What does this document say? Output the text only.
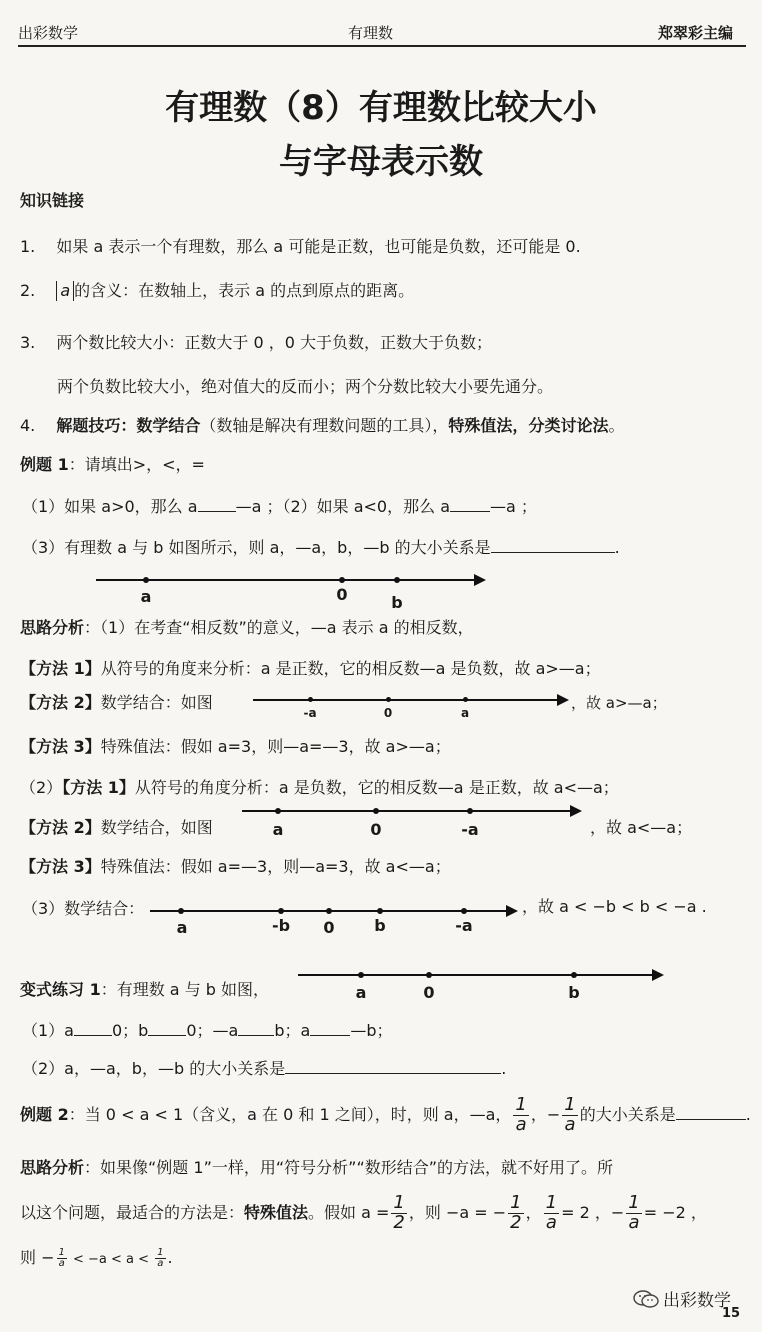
出彩数学	有理数	郑翠彩主编
有理数（8）有理数比较大小
与字母表示数
知识链接
1. 如果 a 表示一个有理数，那么 a 可能是正数，也可能是负数，还可能是 0.
2. a 的含义：在数轴上，表示 a 的点到原点的距离。
3. 两个数比较大小：正数大于 0 ，0 大于负数，正数大于负数；
两个负数比较大小，绝对值大的反而小；两个分数比较大小要先通分。
4. 解题技巧：数学结合（数轴是解决有理数问题的工具），特殊值法，分类讨论法。
例题 1：请填出>，<，=
（1）如果 a>0，那么 a —a ；（2）如果 a<0，那么 a	—a ；
（3）有理数 a 与 b 如图所示，则 a，—a，b，—b 的大小关系是	.
a	0	b
思路分析：（1）在考查“相反数”的意义，—a 表示 a 的相反数，
【方法 1】从符号的角度来分析：a 是正数，它的相反数—a 是负数，故 a>—a；
【方法 2】数学结合：如图
-a	0	a
，故 a>—a；
【方法 3】特殊值法：假如 a=3，则—a=—3，故 a>—a；
（2）【方法 1】从符号的角度分析：a 是负数，它的相反数—a 是正数，故 a<—a；
【方法 2】数学结合，如图	a	0	-a	，故 a<—a；
【方法 3】特殊值法：假如 a=—3，则—a=3，故 a<—a；
（3）数学结合：
a	-b 0 b	-a
，故 a < −b < b < −a .
变式练习 1：有理数 a 与 b 如图，	a	0	b
（1）a 0；b 0；—a b；a	—b；
（2）a，—a，b，—b 的大小关系是	.
例题 2：当 0 < a < 1（含义，a 在 0 和 1 之间），时，则 a，—a， $\frac{1}{a}$ ，− $\frac{1}{a}$ 的大小关系是	.
思路分析：如果像“例题 1”一样，用“符号分析”“数形结合”的方法，就不好用了。所
以这个问题，最适合的方法是：特殊值法。假如 $a = \frac{1}{2}$ ，则 −a = − $\frac{1}{2}$ ， $\frac{1}{a} = 2$ ，− $\frac{1}{a} = -2$ ，
则 − $\frac{1}{a} < -a < a < \frac{1}{a}$ .
出彩数学
15
